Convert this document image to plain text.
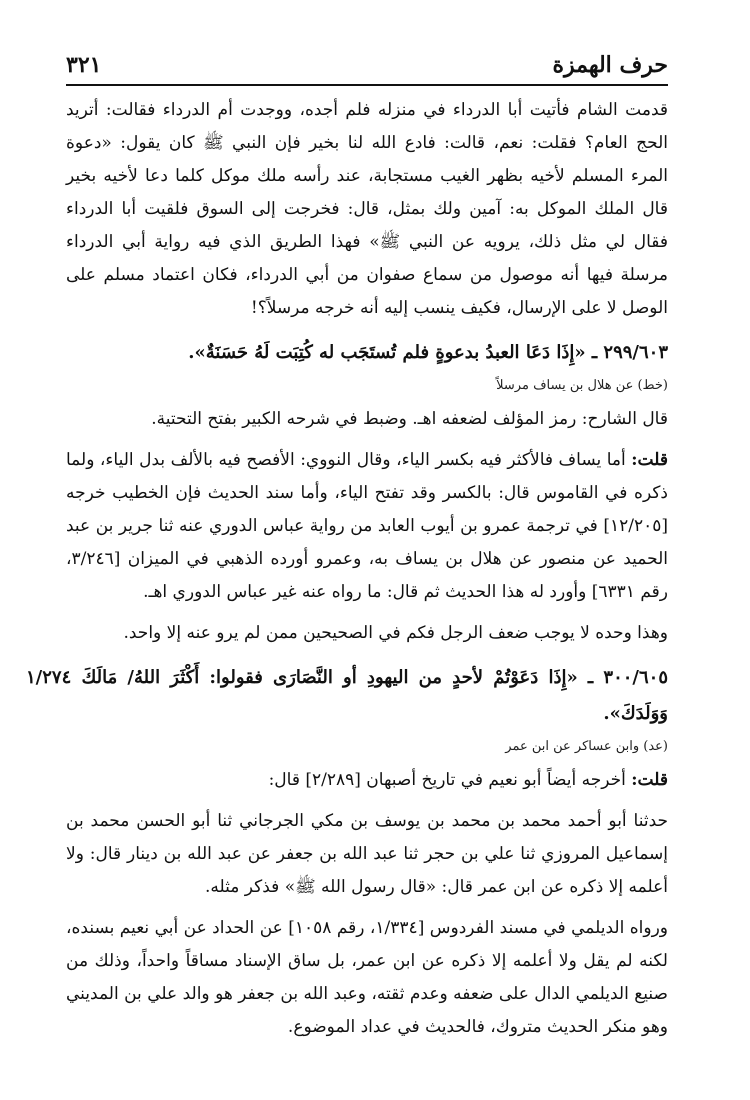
حرف الهمزة
٣٢١

قدمت الشام فأتيت أبا الدرداء في منزله فلم أجده، ووجدت أم الدرداء فقالت: أتريد الحج العام؟ فقلت: نعم، قالت: فادع الله لنا بخير فإن النبي ﷺ كان يقول: «دعوة المرء المسلم لأخيه بظهر الغيب مستجابة، عند رأسه ملك موكل كلما دعا لأخيه بخير قال الملك الموكل به: آمين ولك بمثل، قال: فخرجت إلى السوق فلقيت أبا الدرداء فقال لي مثل ذلك، يرويه عن النبي ﷺ» فهذا الطريق الذي فيه رواية أبي الدرداء مرسلة فيها أنه موصول من سماع صفوان من أبي الدرداء، فكان اعتماد مسلم على الوصل لا على الإرسال، فكيف ينسب إليه أنه خرجه مرسلاً؟!

٢٩٩/٦٠٣ ـ «إِذَا دَعَا العبدُ بدعوةٍ فلم تُستَجَب له كُتِبَت لَهُ حَسَنَةٌ».

(خط) عن هلال بن يساف مرسلاً

قال الشارح: رمز المؤلف لضعفه اهـ. وضبط في شرحه الكبير بفتح التحتية.

قلت: أما يساف فالأكثر فيه بكسر الياء، وقال النووي: الأفصح فيه بالألف بدل الياء، ولما ذكره في القاموس قال: بالكسر وقد تفتح الياء، وأما سند الحديث فإن الخطيب خرجه [١٢/٢٠٥] في ترجمة عمرو بن أيوب العابد من رواية عباس الدوري عنه ثنا جرير بن عبد الحميد عن منصور عن هلال بن يساف به، وعمرو أورده الذهبي في الميزان [٣/٢٤٦، رقم ٦٣٣١] وأورد له هذا الحديث ثم قال: ما رواه عنه غير عباس الدوري اهـ.

وهذا وحده لا يوجب ضعف الرجل فكم في الصحيحين ممن لم يرو عنه إلا واحد.

٣٠٠/٦٠٥ ـ «إِذَا دَعَوْتُمْ لأحدٍ من اليهودِ أو النَّصَارَى فقولوا: أَكْثَرَ اللهُ/ مَالَكَ ١/٢٧٤ وَوَلَدَكَ».

(عد) وابن عساكر عن ابن عمر

قلت: أخرجه أيضاً أبو نعيم في تاريخ أصبهان [٢/٢٨٩] قال:

حدثنا أبو أحمد محمد بن محمد بن يوسف بن مكي الجرجاني ثنا أبو الحسن محمد بن إسماعيل المروزي ثنا علي بن حجر ثنا عبد الله بن جعفر عن عبد الله بن دينار قال: ولا أعلمه إلا ذكره عن ابن عمر قال: «قال رسول الله ﷺ» فذكر مثله.

ورواه الديلمي في مسند الفردوس [١/٣٣٤، رقم ١٠٥٨] عن الحداد عن أبي نعيم بسنده، لكنه لم يقل ولا أعلمه إلا ذكره عن ابن عمر، بل ساق الإسناد مساقاً واحداً، وذلك من صنيع الديلمي الدال على ضعفه وعدم ثقته، وعبد الله بن جعفر هو والد علي بن المديني وهو منكر الحديث متروك، فالحديث في عداد الموضوع.
